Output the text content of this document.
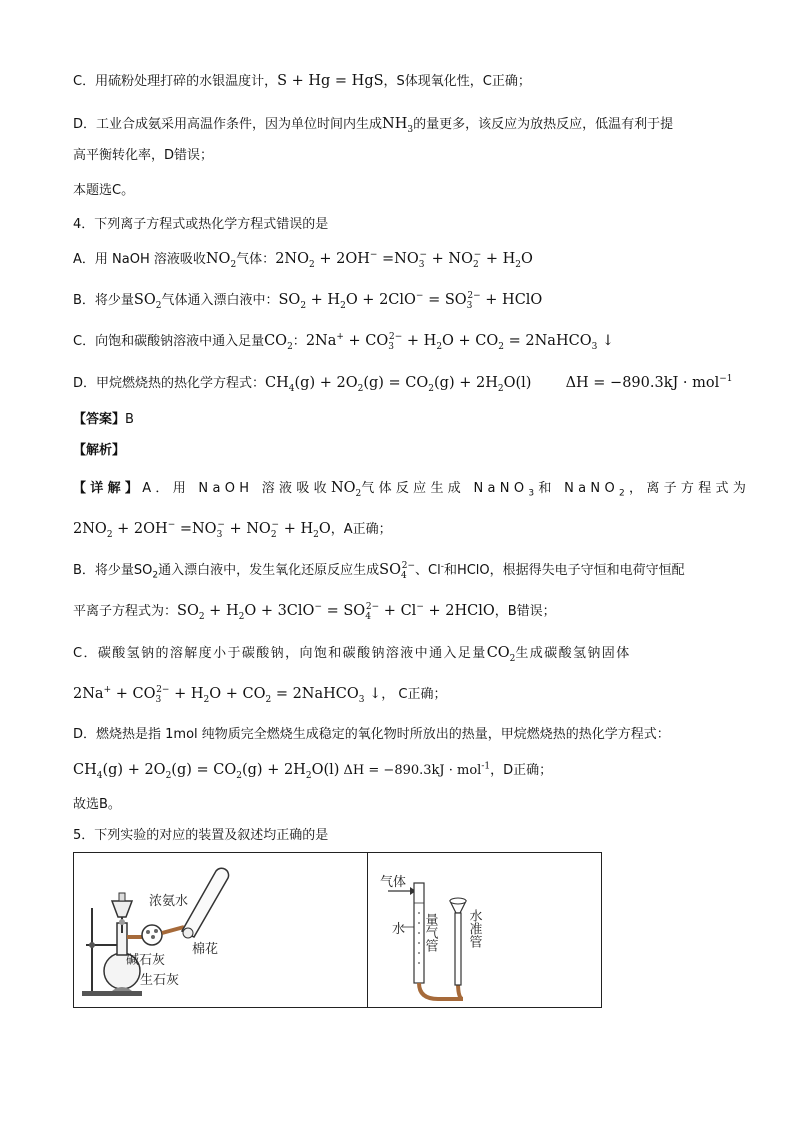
C．用硫粉处理打碎的水银温度计，S + Hg = HgS，S体现氧化性，C正确；
D．工业合成氨采用高温作条件，因为单位时间内生成$NH_3$的量更多，该反应为放热反应，低温有利于提
高平衡转化率，D错误；
本题选C。
4．下列离子方程式或热化学方程式错误的是
A．用 NaOH 溶液吸收$NO_2$气体：$2NO_2 + 2OH^- =NO_3^- + NO_2^- + H_2O$
B．将少量$SO_2$气体通入漂白液中：$SO_2 + H_2O + 2ClO^- = SO_3^{2-}$ + HClO
C．向饱和碳酸钠溶液中通入足量$CO_2$：$2Na^+ + CO_3^{2-} + H_2O + CO_2$ = 2NaHCO$_3$ ↓
D．甲烷燃烧热的热化学方程式：$CH_4(g) + 2O_2(g) = CO_2(g) + 2H_2O(l) \Delta H = -890.3kJ \cdot mol^{-1}$
【答案】B
【解析】
【详解】A．用 NaOH 溶液吸收$NO_2$气体反应生成 NaNO$_3$和 NaNO$_2$，离子方程式为
$2NO_2 + 2OH^- =NO_3^- + NO_2^- + H_2O$，A正确；
B．将少量$SO_2$通入漂白液中，发生氧化还原反应生成$SO_4^{2-}$、Cl-和HClO，根据得失电子守恒和电荷守恒配
平离子方程式为：$SO_2 + H_2O + 3ClO^- = SO_4^{2-} + Cl^-$ + 2HClO，B错误；
C．碳酸氢钠的溶解度小于碳酸钠，向饱和碳酸钠溶液中通入足量$CO_2$生成碳酸氢钠固体
$2Na^+ + CO_3^{2-} + H_2O + CO_2$ = 2NaHCO$_3$ ↓， C正确；
D．燃烧热是指 1mol 纯物质完全燃烧生成稳定的氧化物时所放出的热量，甲烷燃烧热的热化学方程式：
$CH_4(g) + 2O_2(g) = CO_2(g) + 2H_2O(l) \Delta H = -890.3kJ \cdot mol^{-1}$，D正确；
故选B。
5．下列实验的对应的装置及叙述均正确的是
浓氨水
碱石灰
生石灰
棉花
气体
水 量气管 水准管
